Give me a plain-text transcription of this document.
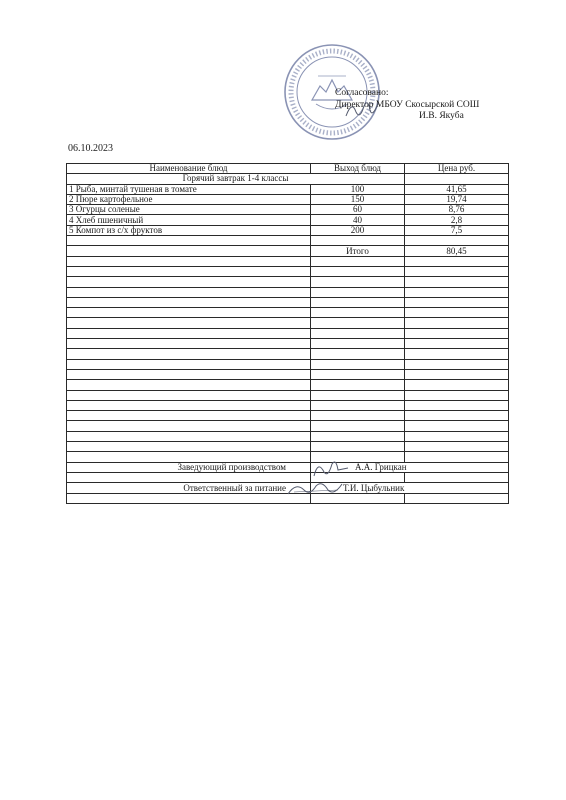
Согласовано:
Директор МБОУ Скосырской СОШ
И.В. Якуба
06.10.2023
Наименование блюд	Выход блюд	Цена руб.
Горячий завтрак 1-4 классы		
1 Рыба, минтай тушеная в томате	100	41,65
2 Пюре картофельное	150	19,74
3 Огурцы соленые	60	8,76
4 Хлеб пшеничный	40	2,8
5 Компот из с/х фруктов	200	7,5

	Итого	80,45

Заведующий производством	А.А. Грицкан	

Ответственный за питание	Т.И. Цыбульник	
